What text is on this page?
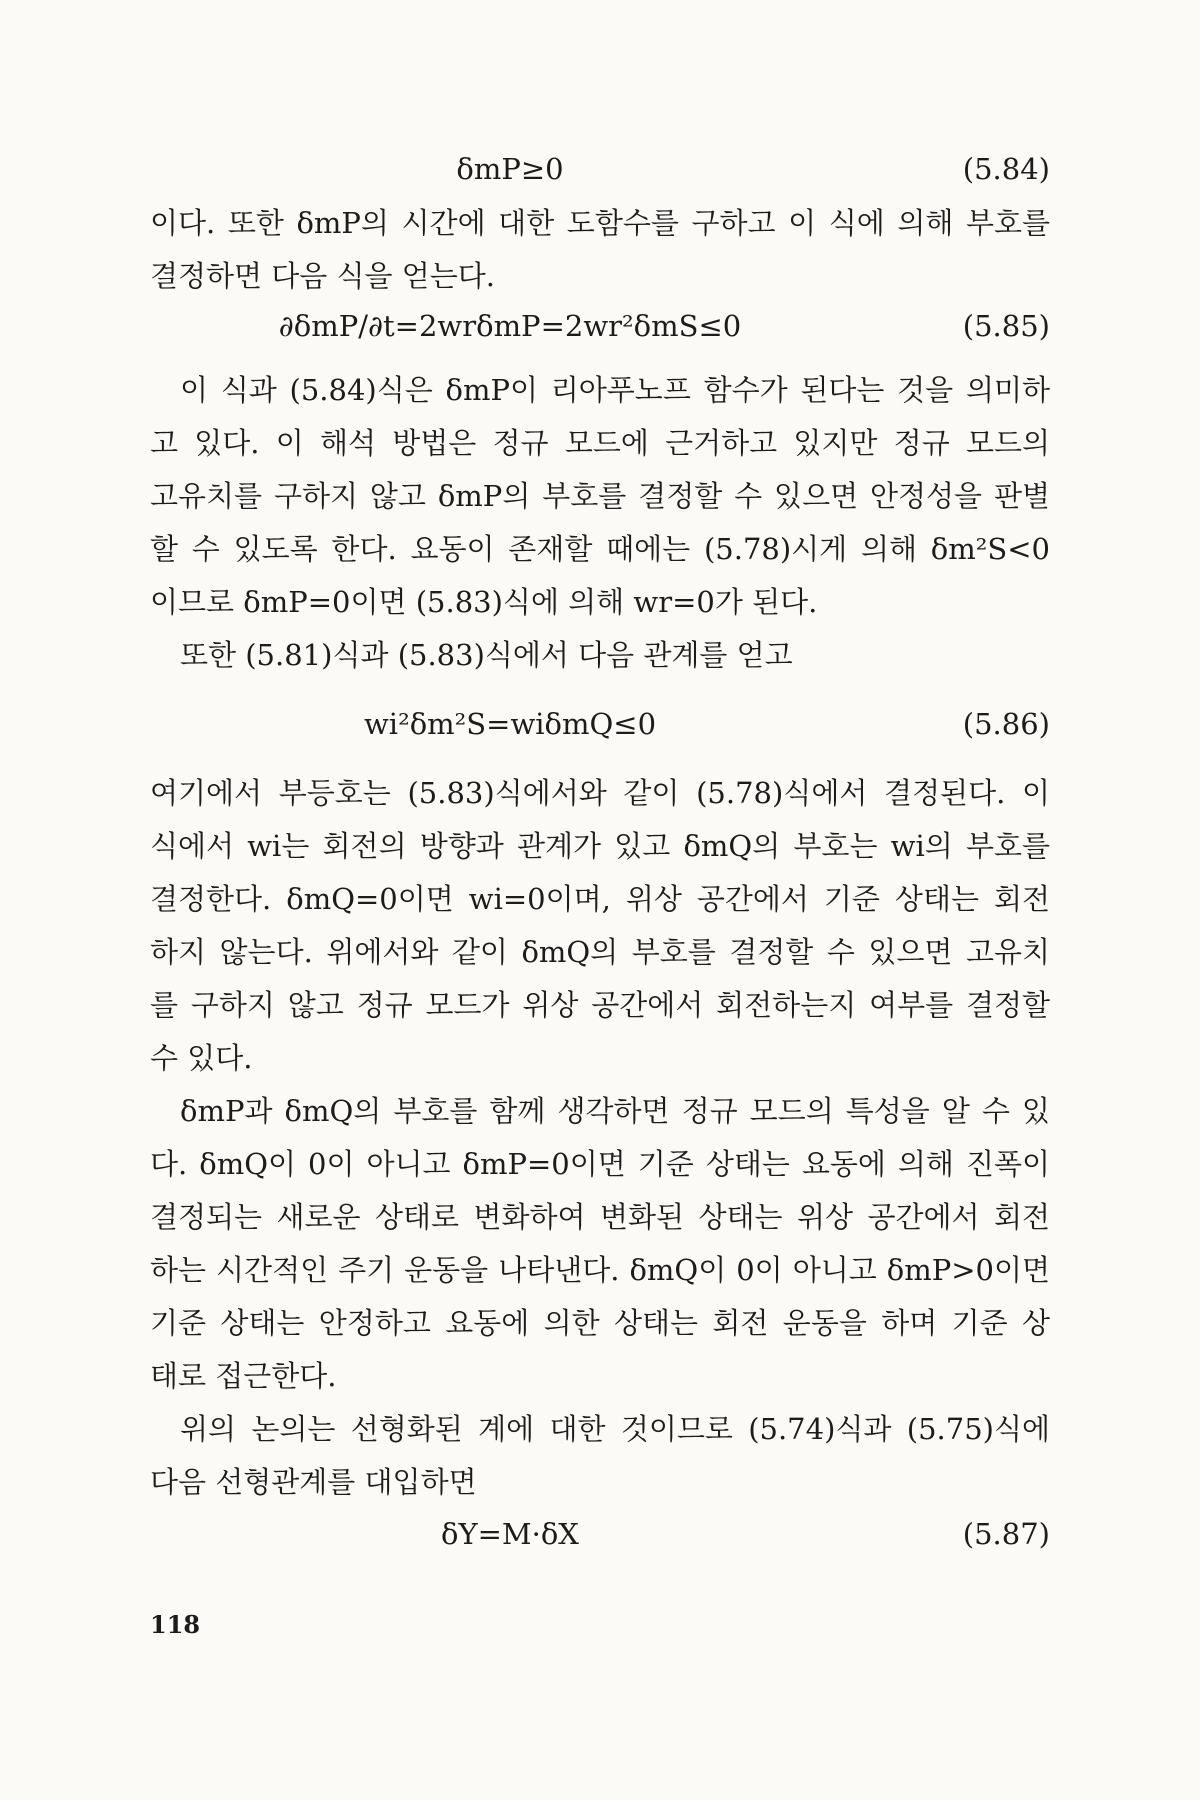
δmP≥0	(5.84)
이다. 또한 δmP의 시간에 대한 도함수를 구하고 이 식에 의해 부호를
결정하면 다음 식을 얻는다.
∂δmP/∂t=2wrδmP=2wr²δmS≤0	(5.85)
이 식과 (5.84)식은 δmP이 리아푸노프 함수가 된다는 것을 의미하
고 있다. 이 해석 방법은 정규 모드에 근거하고 있지만 정규 모드의
고유치를 구하지 않고 δmP의 부호를 결정할 수 있으면 안정성을 판별
할 수 있도록 한다. 요동이 존재할 때에는 (5.78)시게 의해 δm²S<0
이므로 δmP=0이면 (5.83)식에 의해 wr=0가 된다.
또한 (5.81)식과 (5.83)식에서 다음 관계를 얻고
wi²δm²S=wiδmQ≤0	(5.86)
여기에서 부등호는 (5.83)식에서와 같이 (5.78)식에서 결정된다. 이
식에서 wi는 회전의 방향과 관계가 있고 δmQ의 부호는 wi의 부호를
결정한다. δmQ=0이면 wi=0이며, 위상 공간에서 기준 상태는 회전
하지 않는다. 위에서와 같이 δmQ의 부호를 결정할 수 있으면 고유치
를 구하지 않고 정규 모드가 위상 공간에서 회전하는지 여부를 결정할
수 있다.
δmP과 δmQ의 부호를 함께 생각하면 정규 모드의 특성을 알 수 있
다. δmQ이 0이 아니고 δmP=0이면 기준 상태는 요동에 의해 진폭이
결정되는 새로운 상태로 변화하여 변화된 상태는 위상 공간에서 회전
하는 시간적인 주기 운동을 나타낸다. δmQ이 0이 아니고 δmP>0이면
기준 상태는 안정하고 요동에 의한 상태는 회전 운동을 하며 기준 상
태로 접근한다.
위의 논의는 선형화된 계에 대한 것이므로 (5.74)식과 (5.75)식에
다음 선형관계를 대입하면
δY=M·δX	(5.87)
118
